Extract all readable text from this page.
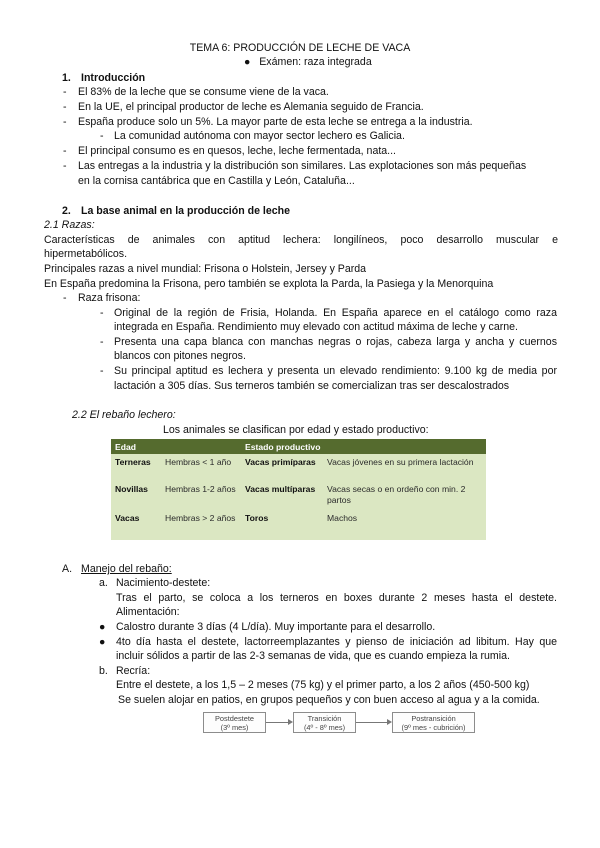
TEMA 6: PRODUCCIÓN DE LECHE DE VACA
●   Exámen: raza integrada
1. Introducción
- El 83% de la leche que se consume viene de la vaca.
- En la UE, el principal productor de leche es Alemania seguido de Francia.
- España produce solo un 5%. La mayor parte de esta leche se entrega a la industria.
- La comunidad autónoma con mayor sector lechero es Galicia.
- El principal consumo es en quesos, leche, leche fermentada, nata...
- Las entregas a la industria y la distribución son similares. Las explotaciones son más pequeñas
en la cornisa cantábrica que en Castilla y León, Cataluña...
2. La base animal en la producción de leche
2.1 Razas:
Características de animales con aptitud lechera: longilíneos, poco desarrollo muscular e
hipermetabólicos.
Principales razas a nivel mundial: Frisona o Holstein, Jersey y Parda
En España predomina la Frisona, pero también se explota la Parda, la Pasiega y la Menorquina
- Raza frisona:
- Original de la región de Frisia, Holanda. En España aparece en el catálogo como raza
integrada en España. Rendimiento muy elevado con actitud máxima de leche y carne.
- Presenta una capa blanca con manchas negras o rojas, cabeza larga y ancha y cuernos
blancos con pitones negros.
- Su principal aptitud es lechera y presenta un elevado rendimiento: 9.100 kg de media por
lactación a 305 días. Sus terneros también se comercializan tras ser descalostrados
2.2 El rebaño lechero:
Los animales se clasifican por edad y estado productivo:
Edad		Estado productivo	
Terneras	Hembras < 1 año	Vacas primíparas	Vacas jóvenes en su primera lactación
Novillas	Hembras 1-2 años	Vacas multíparas	Vacas secas o en ordeño con min. 2 partos
Vacas	Hembras > 2 años	Toros	Machos
A. Manejo del rebaño:
a. Nacimiento-destete:
Tras el parto, se coloca a los terneros en boxes durante 2 meses hasta el destete.
Alimentación:
● Calostro durante 3 días (4 L/día). Muy importante para el desarrollo.
● 4to día hasta el destete, lactorreemplazantes y pienso de iniciación ad libitum. Hay que
incluir sólidos a partir de las 2-3 semanas de vida, que es cuando empieza la rumia.
b. Recría:
Entre el destete, a los 1,5 – 2 meses (75 kg) y el primer parto, a los 2 años (450-500 kg)
Se suelen alojar en patios, en grupos pequeños y con buen acceso al agua y a la comida.
Postdestete
(3º mes)
Transición
(4º - 8º mes)
Postransición
(9º mes - cubrición)
